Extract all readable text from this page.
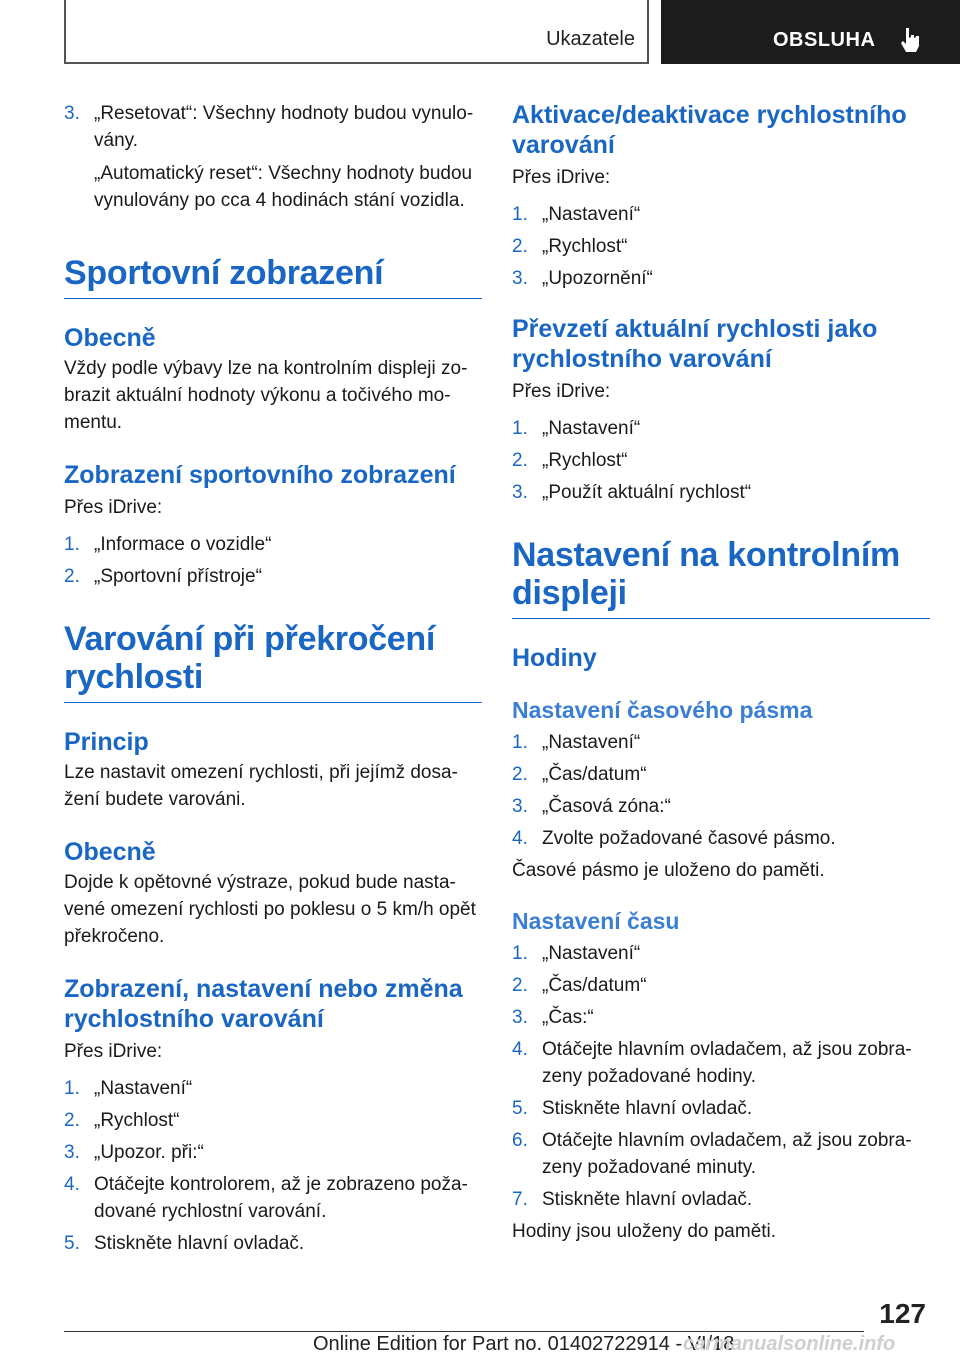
Ukazatele	OBSLUHA
3. „Resetovat“: Všechny hodnoty budou vynulo-vány.

„Automatický reset“: Všechny hodnoty budou vynulovány po cca 4 hodinách stání vozidla.

Sportovní zobrazení
Obecně

Vždy podle výbavy lze na kontrolním displeji zo-brazit aktuální hodnoty výkonu a točivého mo-mentu.

Zobrazení sportovního zobrazení

Přes iDrive:

1. „Informace o vozidle“
2. „Sportovní přístroje“
Varování při překročení rychlosti
Princip

Lze nastavit omezení rychlosti, při jejímž dosa-žení budete varováni.

Obecně

Dojde k opětovné výstraze, pokud bude nasta-vené omezení rychlosti po poklesu o 5 km/h opět překročeno.

Zobrazení, nastavení nebo změna rychlostního varování

Přes iDrive:

1. „Nastavení“
2. „Rychlost“
3. „Upozor. při:“
4. Otáčejte kontrolorem, až je zobrazeno poža-dované rychlostní varování.
5. Stiskněte hlavní ovladač.
Aktivace/deaktivace rychlostního varování

Přes iDrive:

1. „Nastavení“
2. „Rychlost“
3. „Upozornění“
Převzetí aktuální rychlosti jako rychlostního varování

Přes iDrive:

1. „Nastavení“
2. „Rychlost“
3. „Použít aktuální rychlost“
Nastavení na kontrolním displeji
Hodiny
Nastavení časového pásma
1. „Nastavení“
2. „Čas/datum“
3. „Časová zóna:“
4. Zvolte požadované časové pásmo.

Časové pásmo je uloženo do paměti.

Nastavení času
1. „Nastavení“
2. „Čas/datum“
3. „Čas:“
4. Otáčejte hlavním ovladačem, až jsou zobra-zeny požadované hodiny.
5. Stiskněte hlavní ovladač.
6. Otáčejte hlavním ovladačem, až jsou zobra-zeny požadované minuty.
7. Stiskněte hlavní ovladač.

Hodiny jsou uloženy do paměti.

127
Online Edition for Part no. 01402722914 - VI/18
carmanualsonline.info
